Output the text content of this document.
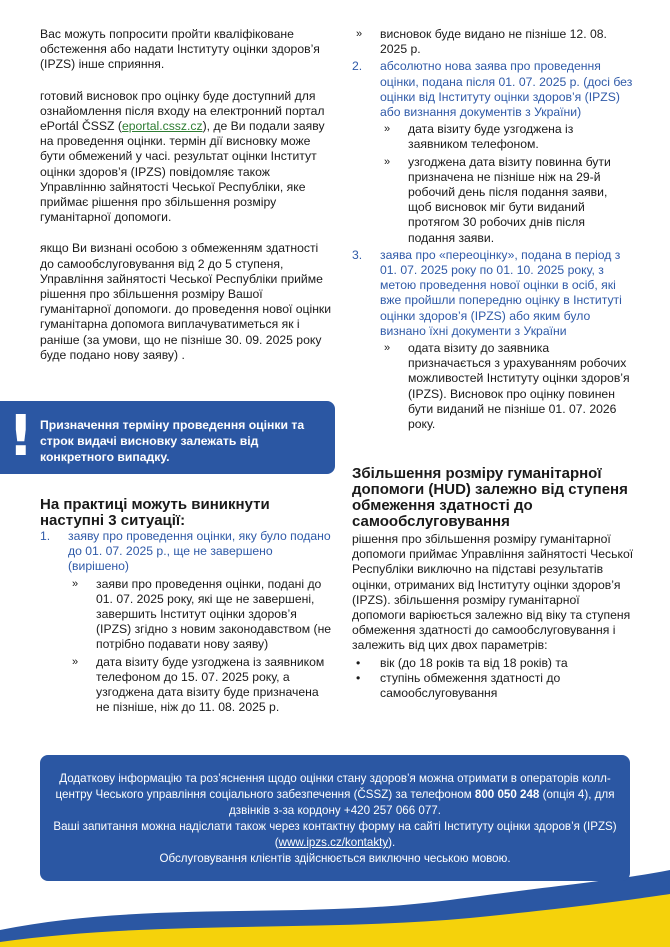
Вас можуть попросити пройти кваліфіковане обстеження або надати Інституту оцінки здоров’я (IPZS) інше сприяння.

готовий висновок про оцінку буде доступний для ознайомлення після входу на електронний портал ePortál ČSSZ (eportal.cssz.cz), де Ви подали заяву на проведення оцінки. термін дії висновку може бути обмежений у часі. результат оцінки Інститут оцінки здоров’я (IPZS) повідомляє також Управлінню зайнятості Чеської Республіки, яке приймає рішення про збільшення розміру гуманітарної допомоги.

якщо Ви визнані особою з обмеженням здатності до самообслуговування від 2 до 5 ступеня, Управління зайнятості Чеської Республіки прийме рішення про збільшення розміру Вашої гуманітарної допомоги. до проведення нової оцінки гуманітарна допомога виплачуватиметься як і раніше (за умови, що не пізніше 30. 09. 2025 року буде подано нову заяву) .

! Призначення терміну проведення оцінки та строк видачі висновку залежать від конкретного випадку.
На практиці можуть виникнути наступні 3 ситуації:
1. заяву про проведення оцінки, яку було подано до 01. 07. 2025 р., ще не завершено (вирішено)
» заяви про проведення оцінки, подані до 01. 07. 2025 року, які ще не завершені, завершить Інститут оцінки здоров’я (IPZS) згідно з новим законодавством (не потрібно подавати нову заяву)
» дата візиту буде узгоджена із заявником телефоном до 15. 07. 2025 року, а узгоджена дата візиту буде призначена не пізніше, ніж до 11. 08. 2025 р.
» висновок буде видано не пізніше 12. 08. 2025 р.
2. абсолютно нова заява про проведення оцінки, подана після 01. 07. 2025 р. (досі без оцінки від Інституту оцінки здоров’я (IPZS) або визнання документів з України)
» дата візиту буде узгоджена із заявником телефоном.
» узгоджена дата візиту повинна бути призначена не пізніше ніж на 29-й робочий день після подання заяви, щоб висновок міг бути виданий протягом 30 робочих днів після подання заяви.
3. заява про «переоцінку», подана в період з 01. 07. 2025 року по 01. 10. 2025 року, з метою проведення нової оцінки в осіб, які вже пройшли попередню оцінку в Інституті оцінки здоров’я (IPZS) або яким було визнано їхні документи з України
» одата візиту до заявника призначається з урахуванням робочих можливостей Інституту оцінки здоров’я (IPZS). Висновок про оцінку повинен бути виданий не пізніше 01. 07. 2026 року.
Збільшення розміру гуманітарної допомоги (HUD) залежно від ступеня обмеження здатності до самообслуговування

рішення про збільшення розміру гуманітарної допомоги приймає Управління зайнятості Чеської Республіки виключно на підставі результатів оцінки, отриманих від Інституту оцінки здоров’я (IPZS). збільшення розміру гуманітарної допомоги варіюється залежно від віку та ступеня обмеження здатності до самообслуговування і залежить від цих двох параметрів:

• вік (до 18 років та від 18 років) та
• ступінь обмеження здатності до самообслуговування

Додаткову інформацію та роз’яснення щодо оцінки стану здоров’я можна отримати в операторів колл-центру Чеського управління соціального забезпечення (ČSSZ) за телефоном 800 050 248 (опція 4), для дзвінків з-за кордону +420 257 066 077.

Ваші запитання можна надіслати також через контактну форму на сайті Інституту оцінки здоров’я (IPZS) (www.ipzs.cz/kontakty).

Обслуговування клієнтів здійснюється виключно чеською мовою.
